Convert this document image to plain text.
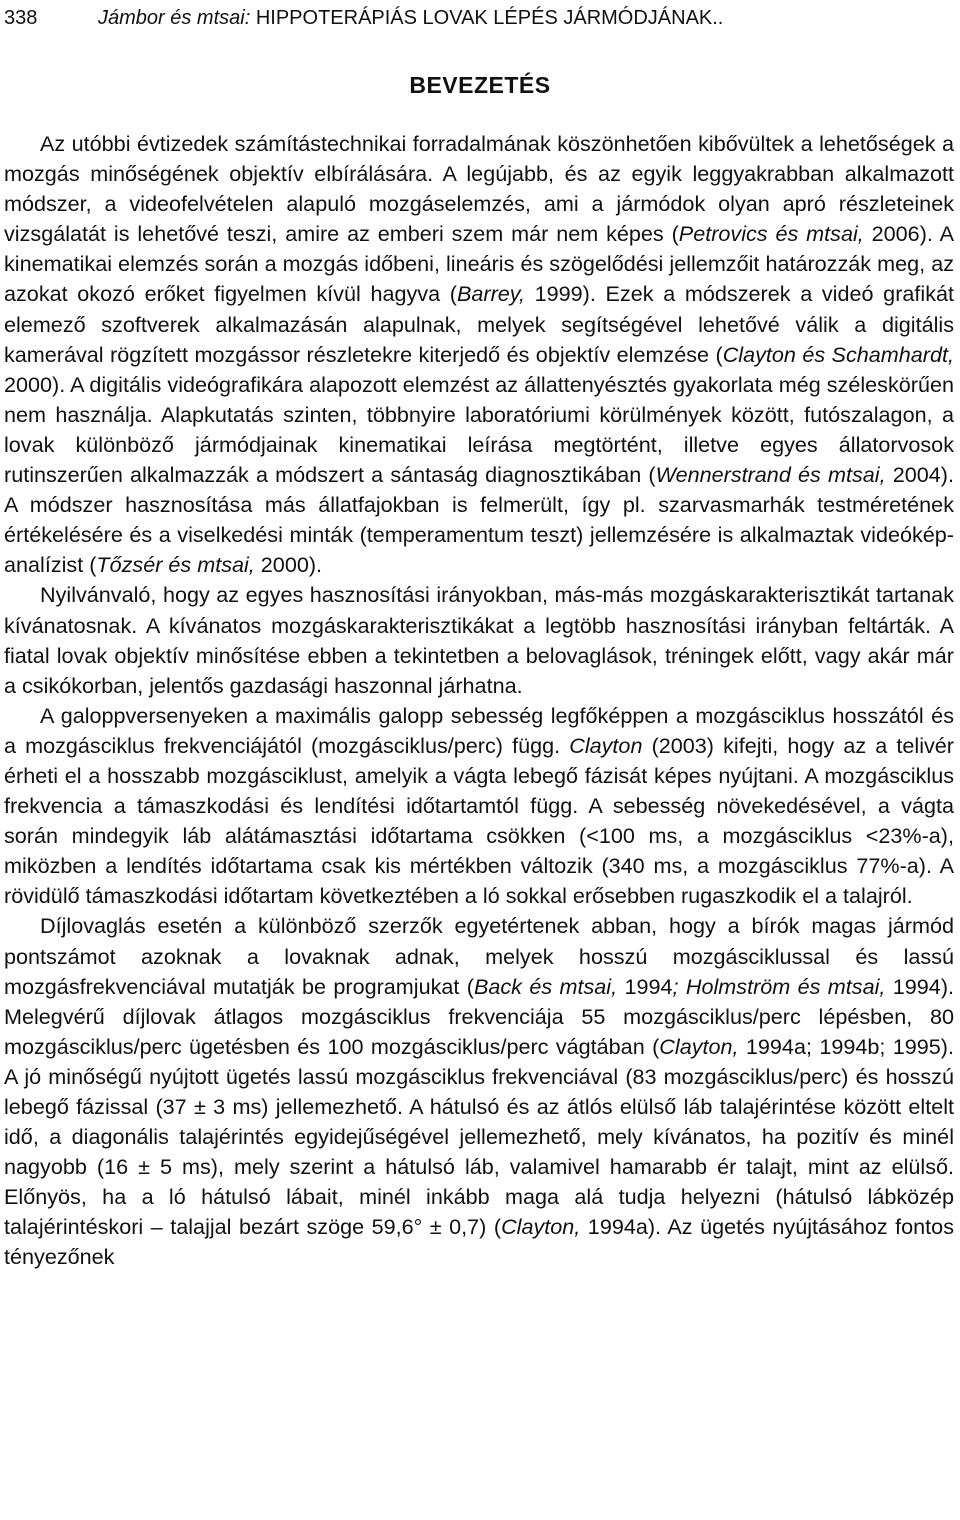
338	Jámbor és mtsai: HIPPOTERÁPIÁS LOVAK LÉPÉS JÁRMÓDJÁNAK..
BEVEZETÉS

Az utóbbi évtizedek számítástechnikai forradalmának köszönhetően kibővültek a lehetőségek a mozgás minőségének objektív elbírálására. A legújabb, és az egyik leggyakrabban alkalmazott módszer, a videofelvételen alapuló mozgáselemzés, ami a jármódok olyan apró részleteinek vizsgálatát is lehetővé teszi, amire az emberi szem már nem képes (Petrovics és mtsai, 2006). A kinematikai elemzés során a mozgás időbeni, lineáris és szögelődési jellemzőit határozzák meg, az azokat okozó erőket figyelmen kívül hagyva (Barrey, 1999). Ezek a módszerek a videó grafikát elemező szoftverek alkalmazásán alapulnak, melyek segítségével lehetővé válik a digitális kamerával rögzített mozgássor részletekre kiterjedő és objektív elemzése (Clayton és Schamhardt, 2000). A digitális videógrafikára alapozott elemzést az állattenyésztés gyakorlata még széleskörűen nem használja. Alapkutatás szinten, többnyire laboratóriumi körülmények között, futószalagon, a lovak különböző jármódjainak kinematikai leírása megtörtént, illetve egyes állatorvosok rutinszerűen alkalmazzák a módszert a sántaság diagnosztikában (Wennerstrand és mtsai, 2004). A módszer hasznosítása más állatfajokban is felmerült, így pl. szarvasmarhák testméretének értékelésére és a viselkedési minták (temperamentum teszt) jellemzésére is alkalmaztak videókép-analízist (Tőzsér és mtsai, 2000).

Nyilvánvaló, hogy az egyes hasznosítási irányokban, más-más mozgáskarakterisztikát tartanak kívánatosnak. A kívánatos mozgáskarakterisztikákat a legtöbb hasznosítási irányban feltárták. A fiatal lovak objektív minősítése ebben a tekintetben a belovaglások, tréningek előtt, vagy akár már a csikókorban, jelentős gazdasági haszonnal járhatna.

A galoppversenyeken a maximális galopp sebesség legfőképpen a mozgásciklus hosszától és a mozgásciklus frekvenciájától (mozgásciklus/perc) függ. Clayton (2003) kifejti, hogy az a telivér érheti el a hosszabb mozgásciklust, amelyik a vágta lebegő fázisát képes nyújtani. A mozgásciklus frekvencia a támaszkodási és lendítési időtartamtól függ. A sebesség növekedésével, a vágta során mindegyik láb alátámasztási időtartama csökken (<100 ms, a mozgásciklus <23%-a), miközben a lendítés időtartama csak kis mértékben változik (340 ms, a mozgásciklus 77%-a). A rövidülő támaszkodási időtartam következtében a ló sokkal erősebben rugaszkodik el a talajról.

Díjlovaglás esetén a különböző szerzők egyetértenek abban, hogy a bírók magas jármód pontszámot azoknak a lovaknak adnak, melyek hosszú mozgásciklussal és lassú mozgásfrekvenciával mutatják be programjukat (Back és mtsai, 1994; Holmström és mtsai, 1994). Melegvérű díjlovak átlagos mozgásciklus frekvenciája 55 mozgásciklus/perc lépésben, 80 mozgásciklus/perc ügetésben és 100 mozgásciklus/perc vágtában (Clayton, 1994a; 1994b; 1995). A jó minőségű nyújtott ügetés lassú mozgásciklus frekvenciával (83 mozgásciklus/perc) és hosszú lebegő fázissal (37 ± 3 ms) jellemezhető. A hátulsó és az átlós elülső láb talajérintése között eltelt idő, a diagonális talajérintés egyidejűségével jellemezhető, mely kívánatos, ha pozitív és minél nagyobb (16 ± 5 ms), mely szerint a hátulsó láb, valamivel hamarabb ér talajt, mint az elülső. Előnyös, ha a ló hátulsó lábait, minél inkább maga alá tudja helyezni (hátulsó lábközép talajérintéskori – talajjal bezárt szöge 59,6° ± 0,7) (Clayton, 1994a). Az ügetés nyújtásához fontos tényezőnek
